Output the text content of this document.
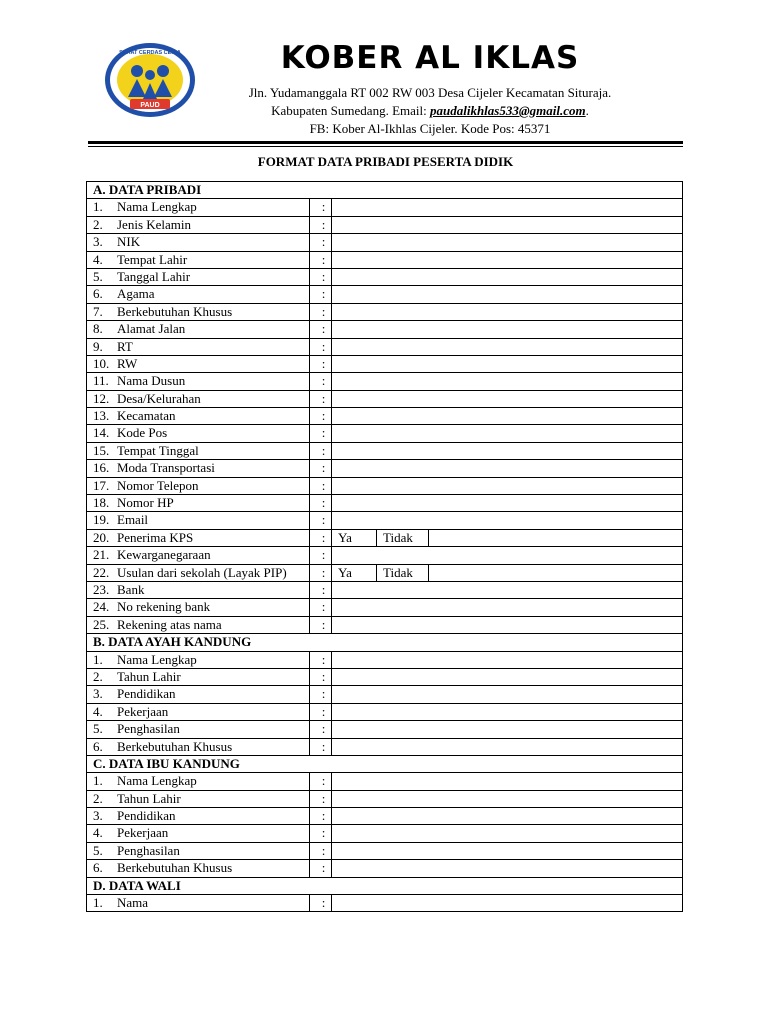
PAUD
SEHAT CERDAS CERIA	KOBER AL IKLAS
Jln. Yudamanggala RT 002 RW 003 Desa Cijeler Kecamatan Situraja.
Kabupaten Sumedang. Email: paudalikhlas533@gmail.com.
FB: Kober Al-Ikhlas Cijeler. Kode Pos: 45371
FORMAT DATA PRIBADI PESERTA DIDIK
A. DATA PRIBADI				
1. Nama Lengkap	:			
2. Jenis Kelamin	:			
3. NIK	:			
4. Tempat Lahir	:			
5. Tanggal Lahir	:			
6. Agama	:			
7. Berkebutuhan Khusus	:			
8. Alamat Jalan	:			
9. RT	:			
10. RW	:			
11. Nama Dusun	:			
12. Desa/Kelurahan	:			
13. Kecamatan	:			
14. Kode Pos	:			
15. Tempat Tinggal	:			
16. Moda Transportasi	:			
17. Nomor Telepon	:			
18. Nomor HP	:			
19. Email	:			
20. Penerima KPS	:	Ya	Tidak	
21. Kewarganegaraan	:			
22. Usulan dari sekolah (Layak PIP)	:	Ya	Tidak	
23. Bank	:			
24. No rekening bank	:			
25. Rekening atas nama	:			
B. DATA AYAH KANDUNG				
1. Nama Lengkap	:			
2. Tahun Lahir	:			
3. Pendidikan	:			
4. Pekerjaan	:			
5. Penghasilan	:			
6. Berkebutuhan Khusus	:			
C. DATA IBU KANDUNG				
1. Nama Lengkap	:			
2. Tahun Lahir	:			
3. Pendidikan	:			
4. Pekerjaan	:			
5. Penghasilan	:			
6. Berkebutuhan Khusus	:			
D. DATA WALI				
1. Nama	:			
